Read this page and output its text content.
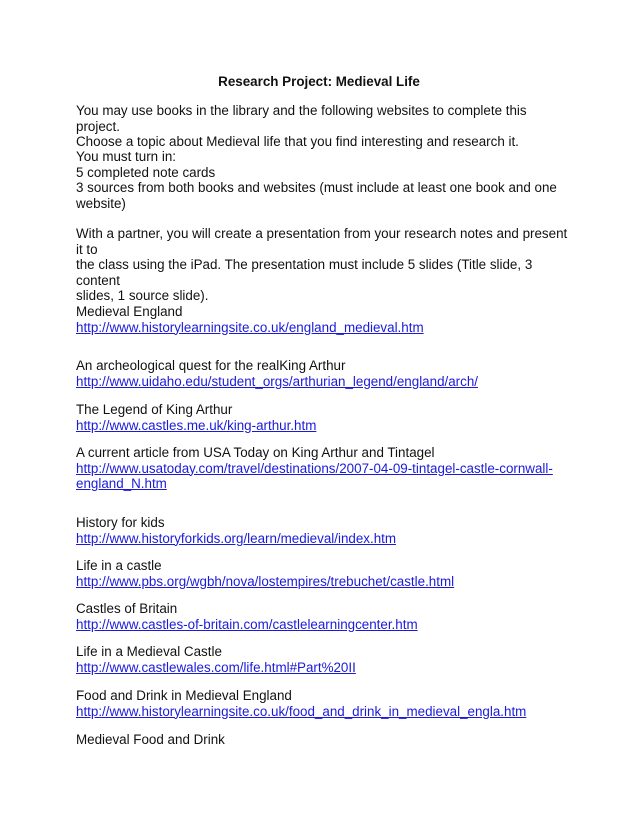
Research Project: Medieval Life
You may use books in the library and the following websites to complete this project.
Choose a topic about Medieval life that you find interesting and research it.
You must turn in:
5 completed note cards
3 sources from both books and websites (must include at least one book and one
website)
With a partner, you will create a presentation from your research notes and present it to
the class using the iPad. The presentation must include 5 slides (Title slide, 3 content
slides, 1 source slide).
Medieval England
http://www.historylearningsite.co.uk/england_medieval.htm
An archeological quest for the realKing Arthur
http://www.uidaho.edu/student_orgs/arthurian_legend/england/arch/
The Legend of King Arthur
http://www.castles.me.uk/king-arthur.htm
A current article from USA Today on King Arthur and Tintagel
http://www.usatoday.com/travel/destinations/2007-04-09-tintagel-castle-cornwall-
england_N.htm
History for kids
http://www.historyforkids.org/learn/medieval/index.htm
Life in a castle
http://www.pbs.org/wgbh/nova/lostempires/trebuchet/castle.html
Castles of Britain
http://www.castles-of-britain.com/castlelearningcenter.htm
Life in a Medieval Castle
http://www.castlewales.com/life.html#Part%20II
Food and Drink in Medieval England
http://www.historylearningsite.co.uk/food_and_drink_in_medieval_engla.htm
Medieval Food and Drink
